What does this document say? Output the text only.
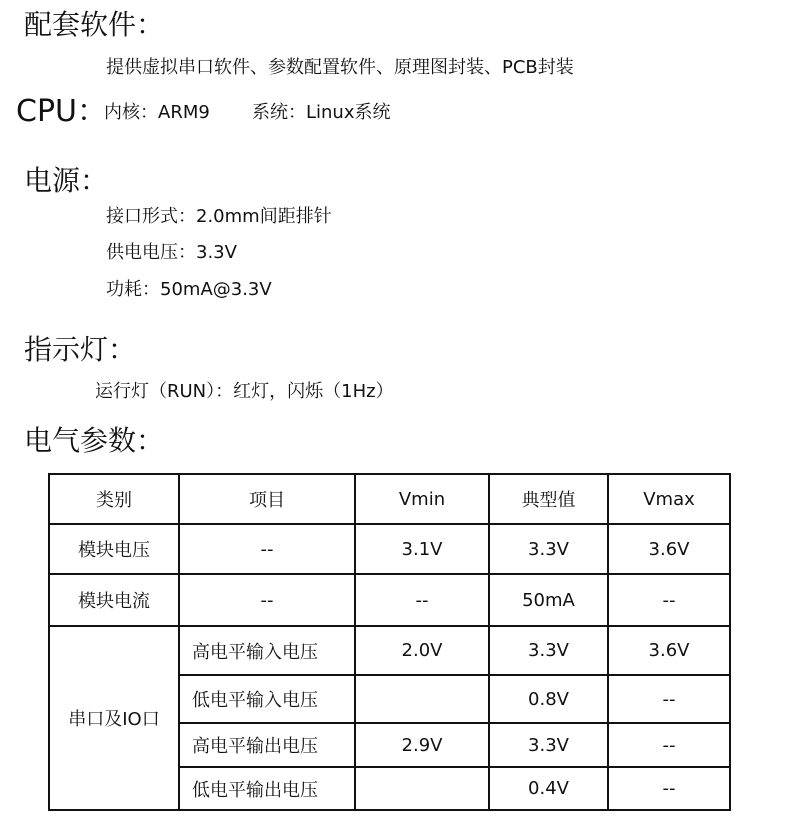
配套软件：
提供虚拟串口软件、参数配置软件、原理图封装、PCB封装
CPU：
内核：ARM9 系统：Linux系统
电源：
接口形式：2.0mm间距排针
供电电压：3.3V
功耗：50mA@3.3V
指示灯：
运行灯（RUN）：红灯，闪烁（1Hz）
电气参数：
类别	项目	Vmin	典型值	Vmax
模块电压	--	3.1V	3.3V	3.6V
模块电流	--	--	50mA	--
串口及IO口	高电平输入电压	2.0V	3.3V	3.6V
	低电平输入电压		0.8V	--
	高电平输出电压	2.9V	3.3V	--
	低电平输出电压		0.4V	--
